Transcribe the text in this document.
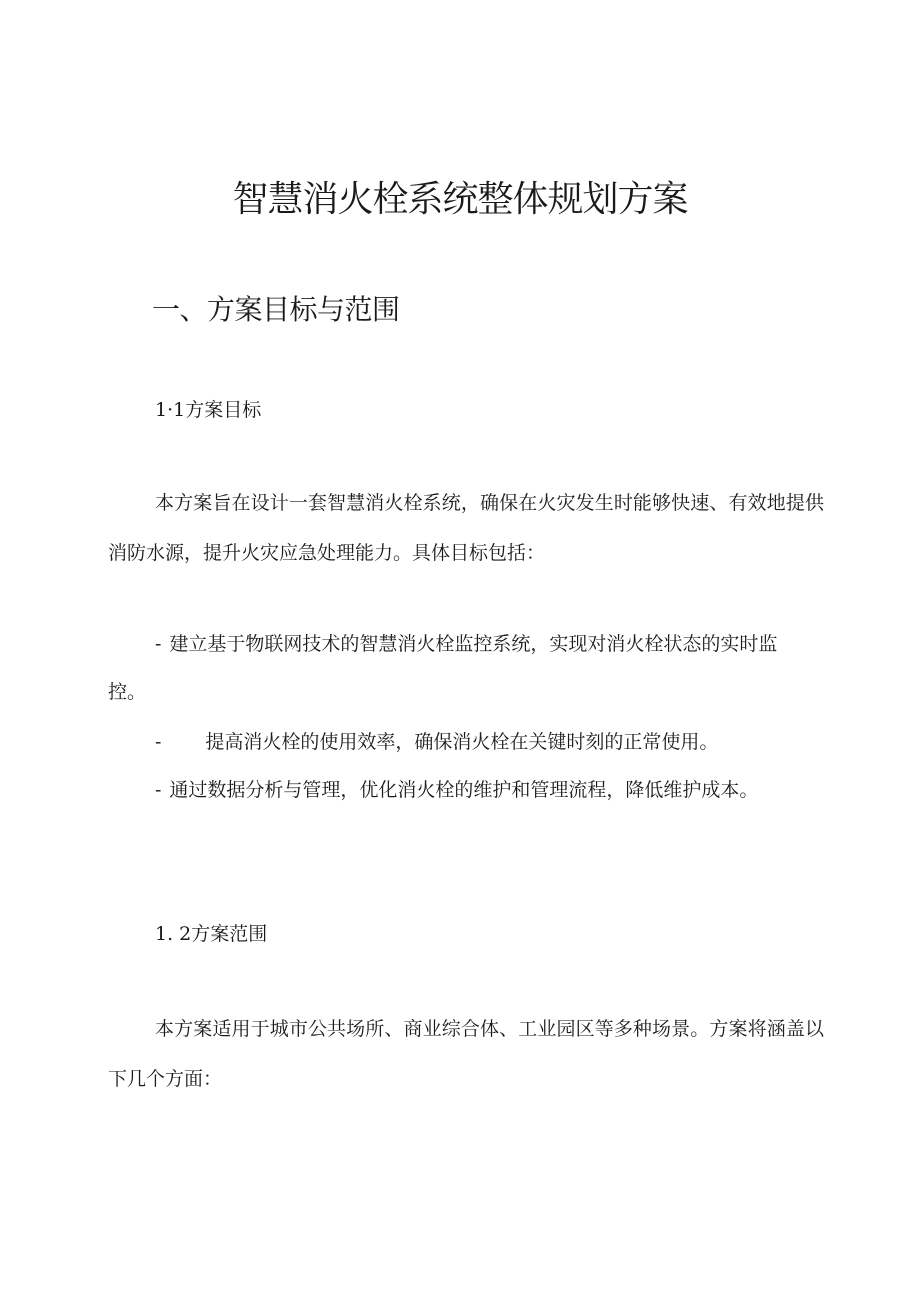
智慧消火栓系统整体规划方案
一、方案目标与范围
1·1方案目标

本方案旨在设计一套智慧消火栓系统，确保在火灾发生时能够快速、有效地提供消防水源，提升火灾应急处理能力。具体目标包括：

- 建立基于物联网技术的智慧消火栓监控系统，实现对消火栓状态的实时监控。

- 提高消火栓的使用效率，确保消火栓在关键时刻的正常使用。

- 通过数据分析与管理，优化消火栓的维护和管理流程，降低维护成本。

1. 2方案范围

本方案适用于城市公共场所、商业综合体、工业园区等多种场景。方案将涵盖以下几个方面：
